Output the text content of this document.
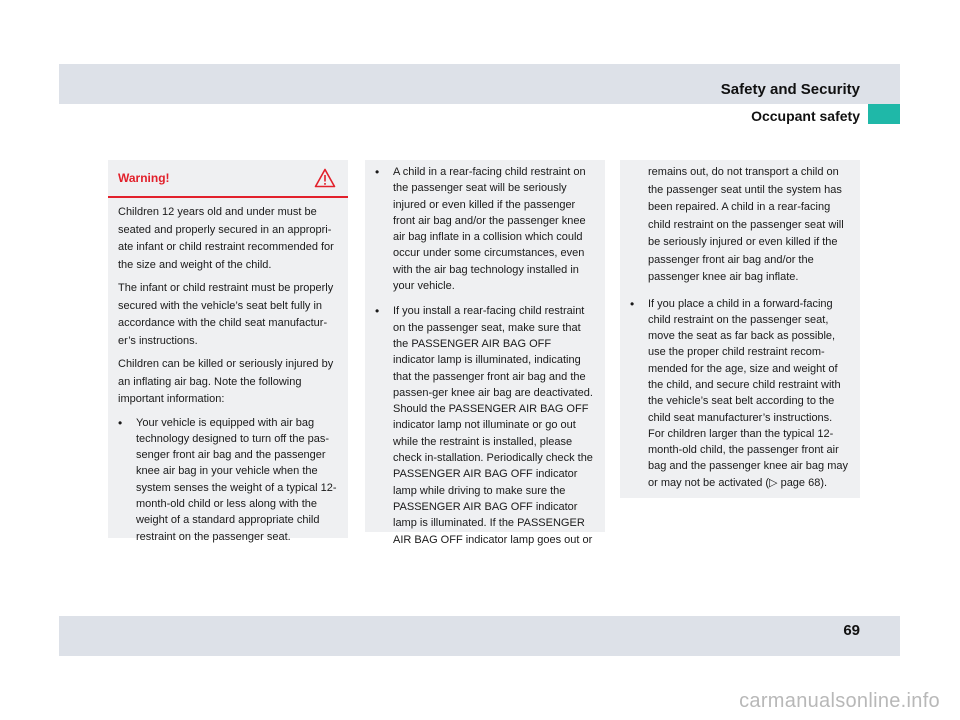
Safety and Security
Occupant safety
Warning!

Children 12 years old and under must be seated and properly secured in an appropri-ate infant or child restraint recommended for the size and weight of the child.

The infant or child restraint must be properly secured with the vehicle’s seat belt fully in accordance with the child seat manufactur-er’s instructions.

Children can be killed or seriously injured by an inflating air bag. Note the following important information:

• Your vehicle is equipped with air bag technology designed to turn off the pas-senger front air bag and the passenger knee air bag in your vehicle when the system senses the weight of a typical 12-month-old child or less along with the weight of a standard appropriate child restraint on the passenger seat.
• A child in a rear-facing child restraint on the passenger seat will be seriously injured or even killed if the passenger front air bag and/or the passenger knee air bag inflate in a collision which could occur under some circumstances, even with the air bag technology installed in your vehicle.
• If you install a rear-facing child restraint on the passenger seat, make sure that the PASSENGER AIR BAG OFF indicator lamp is illuminated, indicating that the passenger front air bag and the passen-ger knee air bag are deactivated. Should the PASSENGER AIR BAG OFF indicator lamp not illuminate or go out while the restraint is installed, please check in-stallation. Periodically check the PASSENGER AIR BAG OFF indicator lamp while driving to make sure the PASSENGER AIR BAG OFF indicator lamp is illuminated. If the PASSENGER AIR BAG OFF indicator lamp goes out or

remains out, do not transport a child on the passenger seat until the system has been repaired. A child in a rear-facing child restraint on the passenger seat will be seriously injured or even killed if the passenger front air bag and/or the passenger knee air bag inflate.

• If you place a child in a forward-facing child restraint on the passenger seat, move the seat as far back as possible, use the proper child restraint recom-mended for the age, size and weight of the child, and secure child restraint with the vehicle’s seat belt according to the child seat manufacturer’s instructions. For children larger than the typical 12-month-old child, the passenger front air bag and the passenger knee air bag may or may not be activated (▷ page 68).
69
carmanualsonline.info
